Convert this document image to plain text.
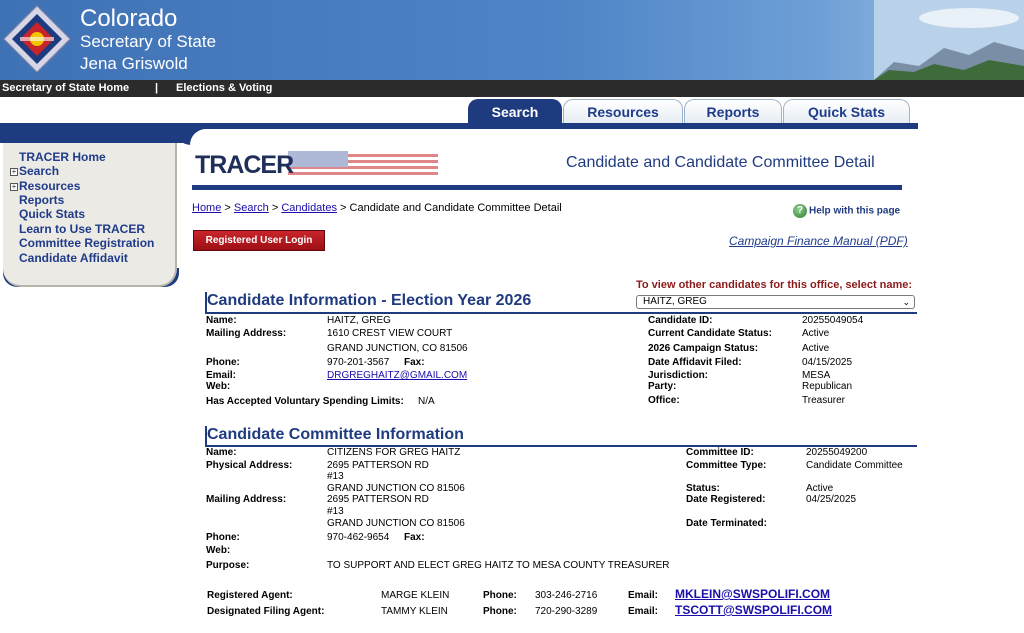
Colorado
Secretary of State
Jena Griswold
Secretary of State Home | Elections & Voting
Search	Resources	Reports	Quick Stats
TRACER Home
+ Search
+ Resources
Reports
Quick Stats
Learn to Use TRACER
Committee Registration
Candidate Affidavit
TRACER	Candidate and Candidate Committee Detail
Home > Search > Candidates > Candidate and Candidate Committee Detail	? Help with this page
Registered User Login	Campaign Finance Manual (PDF)
To view other candidates for this office, select name:
HAITZ, GREG	⌄
Candidate Information - Election Year 2026
Name:	HAITZ, GREG
Mailing Address:	1610 CREST VIEW COURT
GRAND JUNCTION, CO 81506
Phone:	970-201-3567 Fax:
Email:	DRGREGHAITZ@GMAIL.COM
Web:
Has Accepted Voluntary Spending Limits: N/A
Candidate ID:	20255049054
Current Candidate Status:	Active
2026 Campaign Status:	Active
Date Affidavit Filed:	04/15/2025
Jurisdiction:	MESA
Party:	Republican
Office:	Treasurer
Candidate Committee Information
Name:	CITIZENS FOR GREG HAITZ
Physical Address:	2695 PATTERSON RD
#13
GRAND JUNCTION CO 81506
Mailing Address:	2695 PATTERSON RD
#13
GRAND JUNCTION CO 81506
Phone:	970-462-9654 Fax:
Web:
Purpose:	TO SUPPORT AND ELECT GREG HAITZ TO MESA COUNTY TREASURER
Committee ID:	20255049200
Committee Type:	Candidate Committee
Status:	Active
Date Registered:	04/25/2025
Date Terminated:
Registered Agent:	MARGE KLEIN	Phone: 303-246-2716	Email: MKLEIN@SWSPOLIFI.COM
Designated Filing Agent:	TAMMY KLEIN	Phone: 720-290-3289	Email: TSCOTT@SWSPOLIFI.COM
